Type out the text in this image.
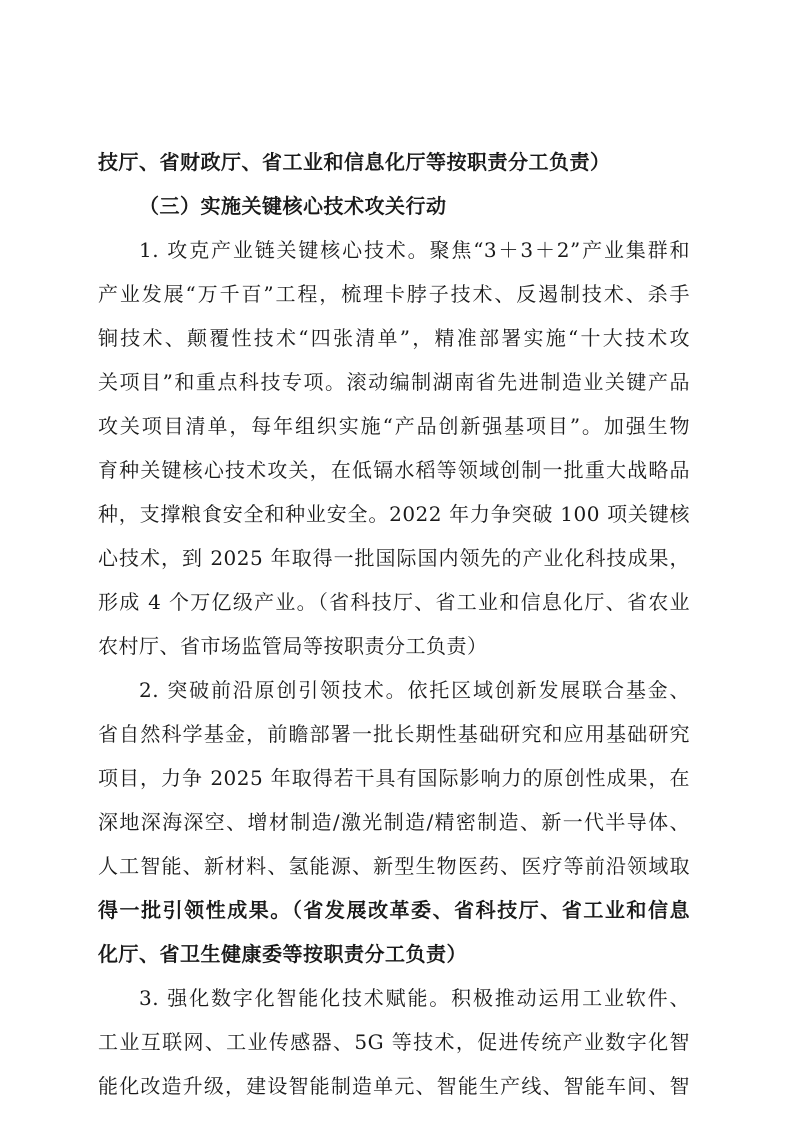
技厅、省财政厅、省工业和信息化厅等按职责分工负责）
（三）实施关键核心技术攻关行动
1. 攻克产业链关键核心技术。聚焦“3＋3＋2”产业集群和
产业发展“万千百”工程，梳理卡脖子技术、反遏制技术、杀手
锏技术、颠覆性技术“四张清单”，精准部署实施“十大技术攻
关项目”和重点科技专项。滚动编制湖南省先进制造业关键产品
攻关项目清单，每年组织实施“产品创新强基项目”。加强生物
育种关键核心技术攻关，在低镉水稻等领域创制一批重大战略品
种，支撑粮食安全和种业安全。2022 年力争突破 100 项关键核
心技术，到 2025 年取得一批国际国内领先的产业化科技成果，
形成 4 个万亿级产业。（省科技厅、省工业和信息化厅、省农业
农村厅、省市场监管局等按职责分工负责）
2. 突破前沿原创引领技术。依托区域创新发展联合基金、
省自然科学基金，前瞻部署一批长期性基础研究和应用基础研究
项目，力争 2025 年取得若干具有国际影响力的原创性成果，在
深地深海深空、增材制造/激光制造/精密制造、新一代半导体、
人工智能、新材料、氢能源、新型生物医药、医疗等前沿领域取
得一批引领性成果。（省发展改革委、省科技厅、省工业和信息
化厅、省卫生健康委等按职责分工负责）
3. 强化数字化智能化技术赋能。积极推动运用工业软件、
工业互联网、工业传感器、5G 等技术，促进传统产业数字化智
能化改造升级，建设智能制造单元、智能生产线、智能车间、智
